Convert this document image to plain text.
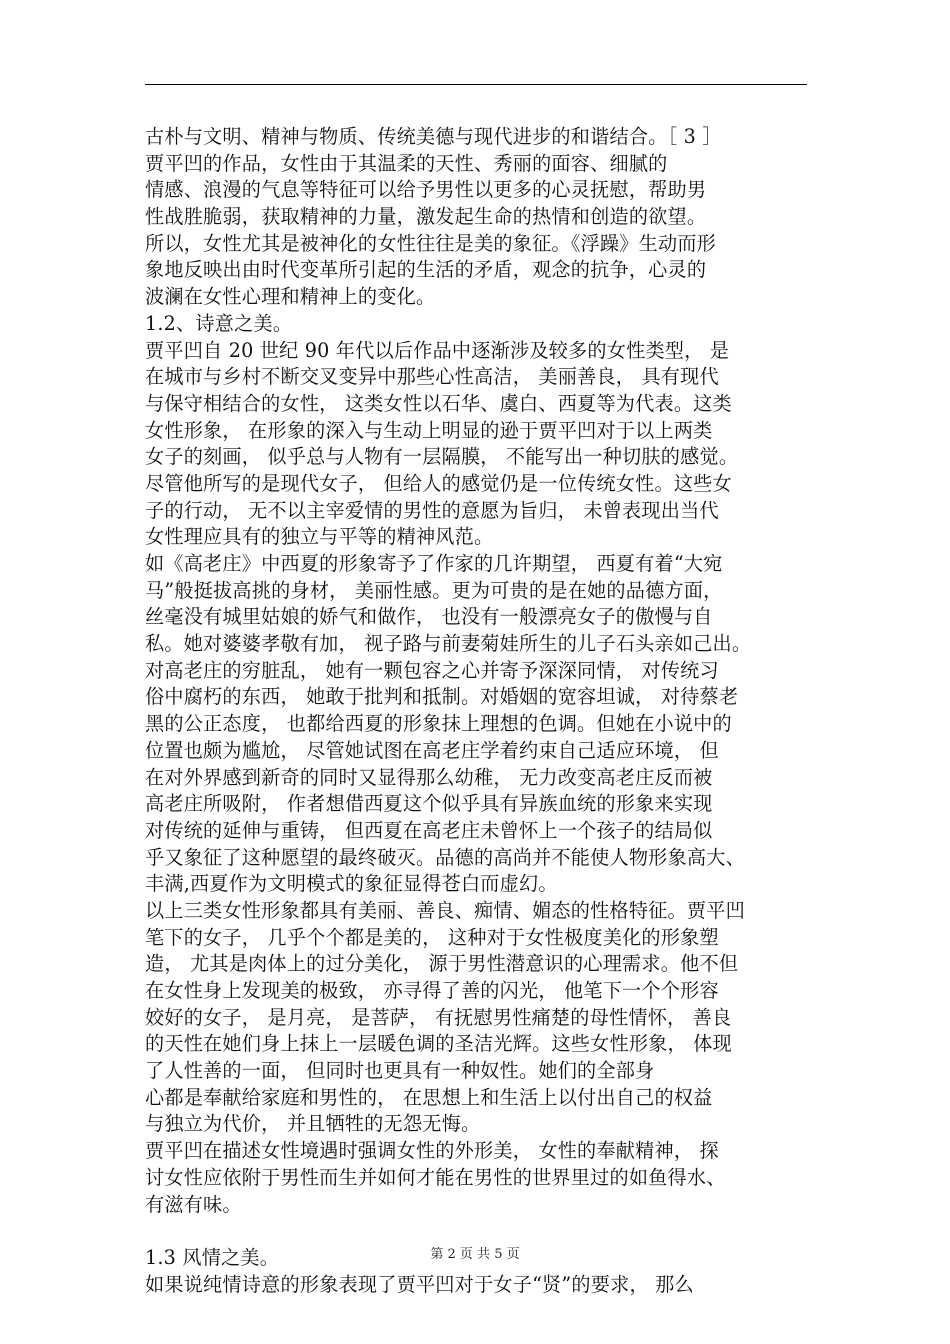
古朴与文明、精神与物质、传统美德与现代进步的和谐结合。［ 3 ］
贾平凹的作品，女性由于其温柔的天性、秀丽的面容、细腻的
情感、浪漫的气息等特征可以给予男性以更多的心灵抚慰，帮助男
性战胜脆弱，获取精神的力量，激发起生命的热情和创造的欲望。
所以，女性尤其是被神化的女性往往是美的象征。《浮躁》生动而形
象地反映出由时代变革所引起的生活的矛盾，观念的抗争，心灵的
波澜在女性心理和精神上的变化。
1.2、诗意之美。
贾平凹自 20 世纪 90 年代以后作品中逐渐涉及较多的女性类型， 是
在城市与乡村不断交叉变异中那些心性高洁， 美丽善良， 具有现代
与保守相结合的女性， 这类女性以石华、虞白、西夏等为代表。这类
女性形象， 在形象的深入与生动上明显的逊于贾平凹对于以上两类
女子的刻画， 似乎总与人物有一层隔膜， 不能写出一种切肤的感觉。
尽管他所写的是现代女子， 但给人的感觉仍是一位传统女性。这些女
子的行动， 无不以主宰爱情的男性的意愿为旨归， 未曾表现出当代
女性理应具有的独立与平等的精神风范。
如《高老庄》中西夏的形象寄予了作家的几许期望， 西夏有着“大宛
马”般挺拔高挑的身材， 美丽性感。更为可贵的是在她的品德方面，
丝毫没有城里姑娘的娇气和做作， 也没有一般漂亮女子的傲慢与自
私。她对婆婆孝敬有加， 视子路与前妻菊娃所生的儿子石头亲如己出。
对高老庄的穷脏乱， 她有一颗包容之心并寄予深深同情， 对传统习
俗中腐朽的东西， 她敢于批判和抵制。对婚姻的宽容坦诚， 对待蔡老
黑的公正态度， 也都给西夏的形象抹上理想的色调。但她在小说中的
位置也颇为尴尬， 尽管她试图在高老庄学着约束自己适应环境， 但
在对外界感到新奇的同时又显得那么幼稚， 无力改变高老庄反而被
高老庄所吸附， 作者想借西夏这个似乎具有异族血统的形象来实现
对传统的延伸与重铸， 但西夏在高老庄未曾怀上一个孩子的结局似
乎又象征了这种愿望的最终破灭。品德的高尚并不能使人物形象高大、
丰满,西夏作为文明模式的象征显得苍白而虚幻。
以上三类女性形象都具有美丽、善良、痴情、媚态的性格特征。贾平凹
笔下的女子， 几乎个个都是美的， 这种对于女性极度美化的形象塑
造， 尤其是肉体上的过分美化， 源于男性潜意识的心理需求。他不但
在女性身上发现美的极致， 亦寻得了善的闪光， 他笔下一个个形容
姣好的女子， 是月亮， 是菩萨， 有抚慰男性痛楚的母性情怀， 善良
的天性在她们身上抹上一层暖色调的圣洁光辉。这些女性形象， 体现
了人性善的一面， 但同时也更具有一种奴性。她们的全部身
心都是奉献给家庭和男性的， 在思想上和生活上以付出自己的权益
与独立为代价， 并且牺牲的无怨无悔。
贾平凹在描述女性境遇时强调女性的外形美， 女性的奉献精神， 探
讨女性应依附于男性而生并如何才能在男性的世界里过的如鱼得水、
有滋有味。
1.3 风情之美。
如果说纯情诗意的形象表现了贾平凹对于女子“贤”的要求， 那么
第 2 页 共 5 页
